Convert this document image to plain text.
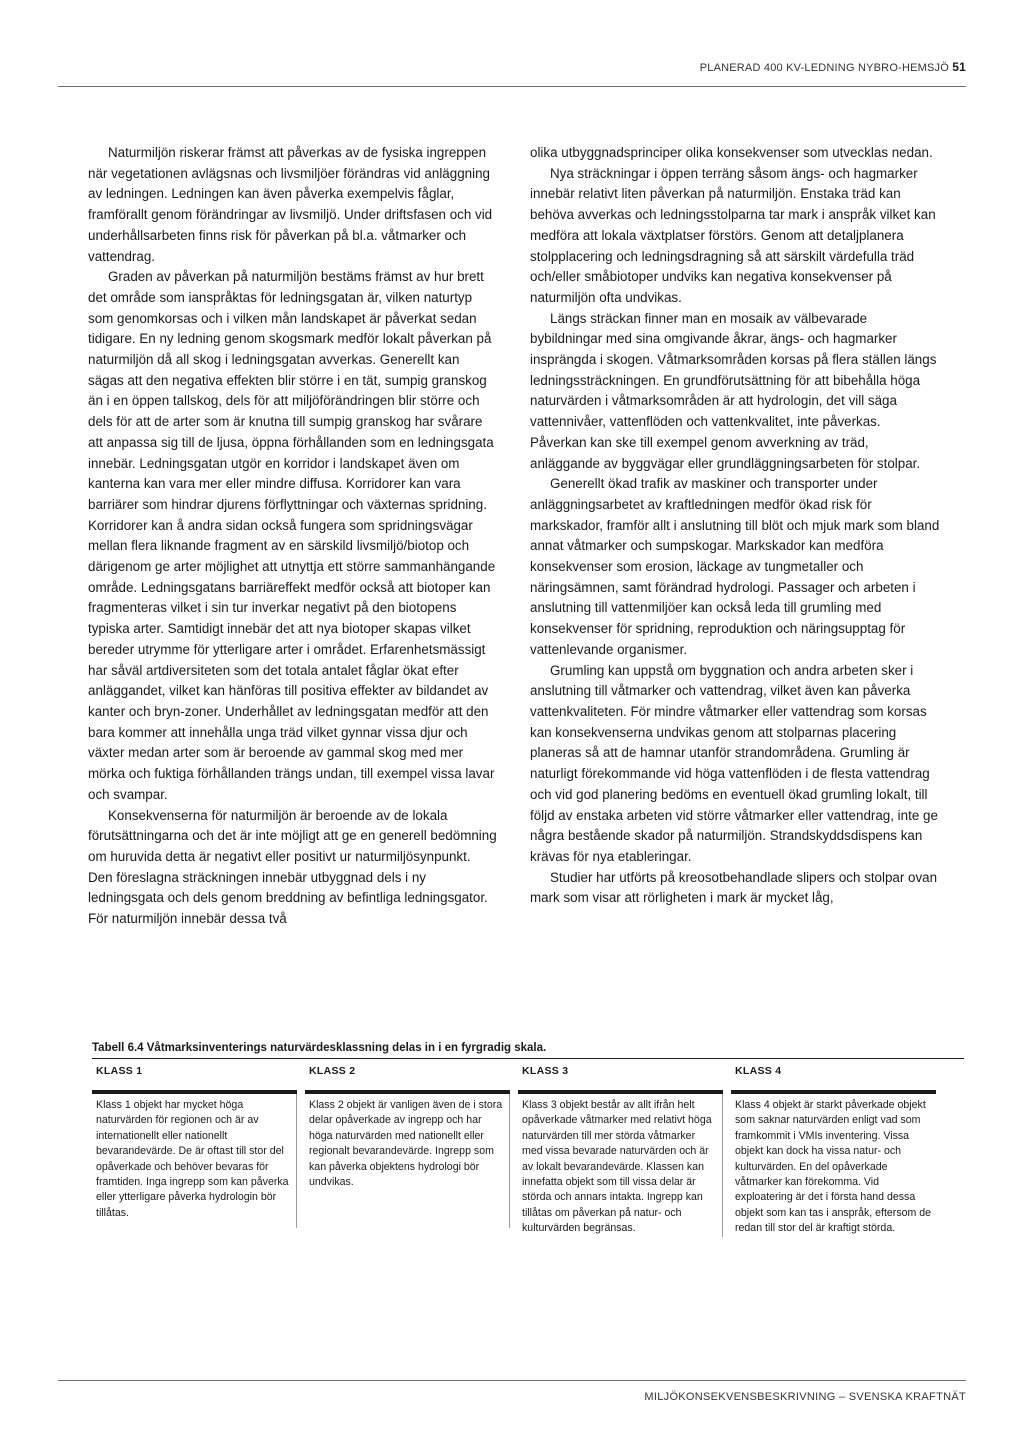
PLANERAD 400 KV-LEDNING NYBRO-HEMSJÖ 51

Naturmiljön riskerar främst att påverkas av de fysiska ingreppen när vegetationen avlägsnas och livsmiljöer förändras vid anläggning av ledningen. Ledningen kan även påverka exempelvis fåglar, framförallt genom förändringar av livsmiljö. Under driftsfasen och vid underhållsarbeten finns risk för påverkan på bl.a. våtmarker och vattendrag.

Graden av påverkan på naturmiljön bestäms främst av hur brett det område som ianspråktas för ledningsgatan är, vilken naturtyp som genomkorsas och i vilken mån landskapet är påverkat sedan tidigare. En ny ledning genom skogsmark medför lokalt påverkan på naturmiljön då all skog i ledningsgatan avverkas. Generellt kan sägas att den negativa effekten blir större i en tät, sumpig granskog än i en öppen tallskog, dels för att miljöförändringen blir större och dels för att de arter som är knutna till sumpig granskog har svårare att anpassa sig till de ljusa, öppna förhållanden som en ledningsgata innebär. Ledningsgatan utgör en korridor i landskapet även om kanterna kan vara mer eller mindre diffusa. Korridorer kan vara barriärer som hindrar djurens förflyttningar och växternas spridning. Korridorer kan å andra sidan också fungera som spridningsvägar mellan flera liknande fragment av en särskild livsmiljö/biotop och därigenom ge arter möjlighet att utnyttja ett större sammanhängande område. Ledningsgatans barriäreffekt medför också att biotoper kan fragmenteras vilket i sin tur inverkar negativt på den biotopens typiska arter. Samtidigt innebär det att nya biotoper skapas vilket bereder utrymme för ytterligare arter i området. Erfarenhetsmässigt har såväl artdiversiteten som det totala antalet fåglar ökat efter anläggandet, vilket kan hänföras till positiva effekter av bildandet av kanter och bryn-zoner. Underhållet av ledningsgatan medför att den bara kommer att innehålla unga träd vilket gynnar vissa djur och växter medan arter som är beroende av gammal skog med mer mörka och fuktiga förhållanden trängs undan, till exempel vissa lavar och svampar.

Konsekvenserna för naturmiljön är beroende av de lokala förutsättningarna och det är inte möjligt att ge en generell bedömning om huruvida detta är negativt eller positivt ur naturmiljösynpunkt. Den föreslagna sträckningen innebär utbyggnad dels i ny ledningsgata och dels genom breddning av befintliga ledningsgator. För naturmiljön innebär dessa två

olika utbyggnadsprinciper olika konsekvenser som utvecklas nedan.

Nya sträckningar i öppen terräng såsom ängs- och hagmarker innebär relativt liten påverkan på naturmiljön. Enstaka träd kan behöva avverkas och ledningsstolparna tar mark i anspråk vilket kan medföra att lokala växtplatser förstörs. Genom att detaljplanera stolpplacering och ledningsdragning så att särskilt värdefulla träd och/eller småbiotoper undviks kan negativa konsekvenser på naturmiljön ofta undvikas.

Längs sträckan finner man en mosaik av välbevarade bybildningar med sina omgivande åkrar, ängs- och hagmarker insprängda i skogen. Våtmarksområden korsas på flera ställen längs ledningssträckningen. En grundförutsättning för att bibehålla höga naturvärden i våtmarksområden är att hydrologin, det vill säga vattennivåer, vattenflöden och vattenkvalitet, inte påverkas. Påverkan kan ske till exempel genom avverkning av träd, anläggande av byggvägar eller grundläggningsarbeten för stolpar.

Generellt ökad trafik av maskiner och transporter under anläggningsarbetet av kraftledningen medför ökad risk för markskador, framför allt i anslutning till blöt och mjuk mark som bland annat våtmarker och sumpskogar. Markskador kan medföra konsekvenser som erosion, läckage av tungmetaller och näringsämnen, samt förändrad hydrologi. Passager och arbeten i anslutning till vattenmiljöer kan också leda till grumling med konsekvenser för spridning, reproduktion och näringsupptag för vattenlevande organismer.

Grumling kan uppstå om byggnation och andra arbeten sker i anslutning till våtmarker och vattendrag, vilket även kan påverka vattenkvaliteten. För mindre våtmarker eller vattendrag som korsas kan konsekvenserna undvikas genom att stolparnas placering planeras så att de hamnar utanför strandområdena. Grumling är naturligt förekommande vid höga vattenflöden i de flesta vattendrag och vid god planering bedöms en eventuell ökad grumling lokalt, till följd av enstaka arbeten vid större våtmarker eller vattendrag, inte ge några bestående skador på naturmiljön. Strandskyddsdispens kan krävas för nya etableringar.

Studier har utförts på kreosotbehandlade slipers och stolpar ovan mark som visar att rörligheten i mark är mycket låg,

Tabell 6.4 Våtmarksinventerings naturvärdesklassning delas in i en fyrgradig skala.
KLASS 1
Klass 1 objekt har mycket höga naturvärden för regionen och är av internationellt eller nationellt bevarandevärde. De är oftast till stor del opåverkade och behöver bevaras för framtiden. Inga ingrepp som kan påverka eller ytterligare påverka hydrologin bör tillåtas.
KLASS 2
Klass 2 objekt är vanligen även de i stora delar opåverkade av ingrepp och har höga naturvärden med nationellt eller regionalt bevarandevärde. Ingrepp som kan påverka objektens hydrologi bör undvikas.
KLASS 3
Klass 3 objekt består av allt ifrån helt opåverkade våtmarker med relativt höga naturvärden till mer störda våtmarker med vissa bevarade naturvärden och är av lokalt bevarandevärde. Klassen kan innefatta objekt som till vissa delar är störda och annars intakta. Ingrepp kan tillåtas om påverkan på natur- och kulturvärden begränsas.
KLASS 4
Klass 4 objekt är starkt påverkade objekt som saknar naturvärden enligt vad som framkommit i VMIs inventering. Vissa objekt kan dock ha vissa natur- och kulturvärden. En del opåverkade våtmarker kan förekomma. Vid exploatering är det i första hand dessa objekt som kan tas i anspråk, eftersom de redan till stor del är kraftigt störda.
MILJÖKONSEKVENSBESKRIVNING – SVENSKA KRAFTNÄT
